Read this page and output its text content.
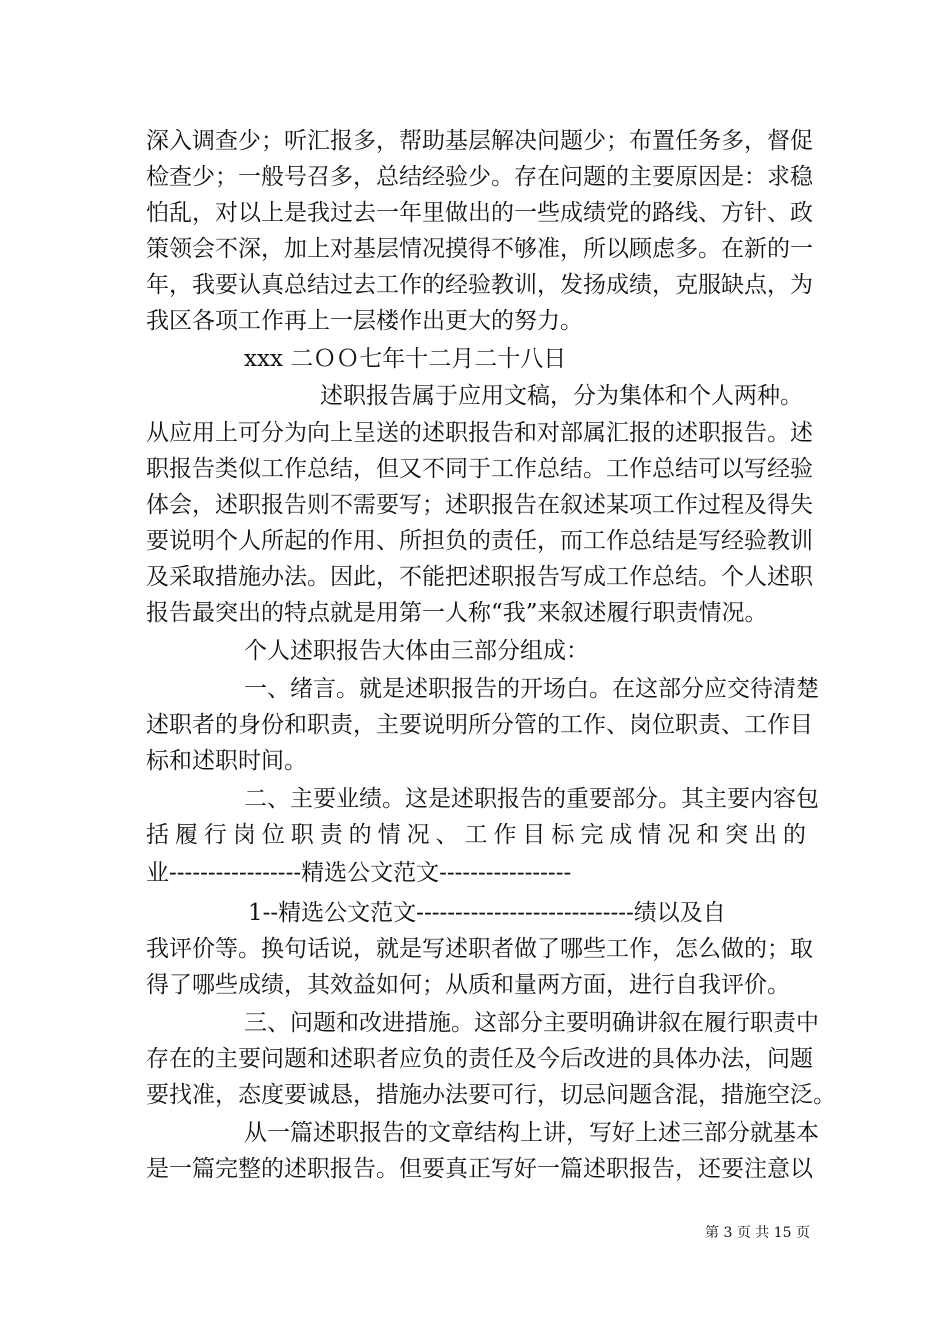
深入调查少；听汇报多，帮助基层解决问题少；布置任务多，督促
检查少；一般号召多，总结经验少。存在问题的主要原因是：求稳
怕乱，对以上是我过去一年里做出的一些成绩党的路线、方针、政
策领会不深，加上对基层情况摸得不够准，所以顾虑多。在新的一
年，我要认真总结过去工作的经验教训，发扬成绩，克服缺点，为
我区各项工作再上一层楼作出更大的努力。
xxx 二ＯＯ七年十二月二十八日
述职报告属于应用文稿，分为集体和个人两种。
从应用上可分为向上呈送的述职报告和对部属汇报的述职报告。述
职报告类似工作总结，但又不同于工作总结。工作总结可以写经验
体会，述职报告则不需要写；述职报告在叙述某项工作过程及得失
要说明个人所起的作用、所担负的责任，而工作总结是写经验教训
及采取措施办法。因此，不能把述职报告写成工作总结。个人述职
报告最突出的特点就是用第一人称“我”来叙述履行职责情况。
个人述职报告大体由三部分组成：
一、绪言。就是述职报告的开场白。在这部分应交待清楚
述职者的身份和职责，主要说明所分管的工作、岗位职责、工作目
标和述职时间。
二、主要业绩。这是述职报告的重要部分。其主要内容包
括履行岗位职责的情况、工作目标完成情况和突出的
业-----------------精选公文范文-----------------
1--精选公文范文----------------------------绩以及自
我评价等。换句话说，就是写述职者做了哪些工作，怎么做的；取
得了哪些成绩，其效益如何；从质和量两方面，进行自我评价。
三、问题和改进措施。这部分主要明确讲叙在履行职责中
存在的主要问题和述职者应负的责任及今后改进的具体办法，问题
要找准，态度要诚恳，措施办法要可行，切忌问题含混，措施空泛。
从一篇述职报告的文章结构上讲，写好上述三部分就基本
是一篇完整的述职报告。但要真正写好一篇述职报告，还要注意以
第 3 页 共 15 页
